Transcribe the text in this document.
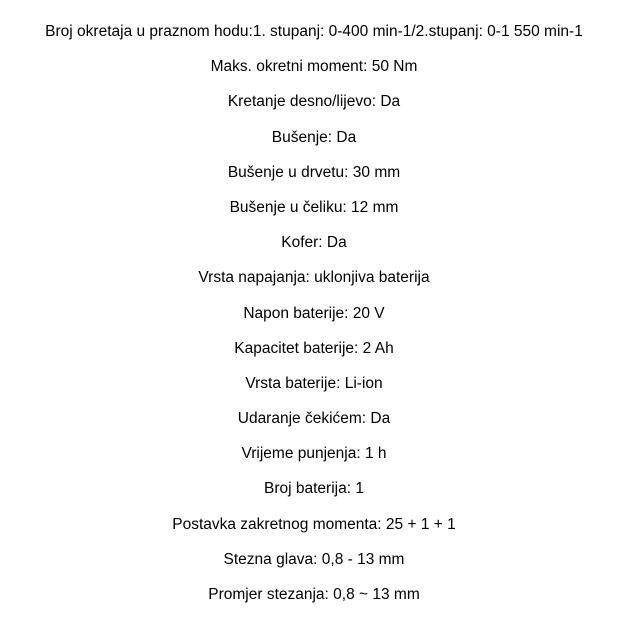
Broj okretaja u praznom hodu:1. stupanj: 0-400 min-1/2.stupanj: 0-1 550 min-1
Maks. okretni moment: 50 Nm
Kretanje desno/lijevo: Da
Bušenje: Da
Bušenje u drvetu: 30 mm
Bušenje u čeliku: 12 mm
Kofer: Da
Vrsta napajanja: uklonjiva baterija
Napon baterije: 20 V
Kapacitet baterije: 2 Ah
Vrsta baterije: Li-ion
Udaranje čekićem: Da
Vrijeme punjenja: 1 h
Broj baterija: 1
Postavka zakretnog momenta: 25 + 1 + 1
Stezna glava: 0,8 - 13 mm
Promjer stezanja: 0,8 ~ 13 mm
